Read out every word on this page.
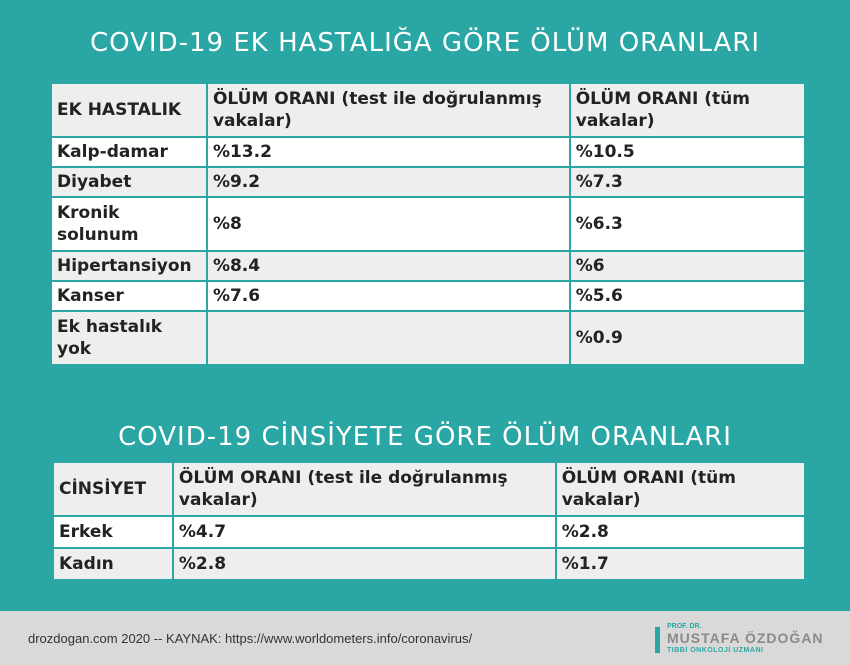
COVID-19 EK HASTALIĞA GÖRE ÖLÜM ORANLARI
EK HASTALIK	ÖLÜM ORANI (test ile doğrulanmış vakalar)	ÖLÜM ORANI (tüm vakalar)
Kalp-damar	%13.2	%10.5
Diyabet	%9.2	%7.3
Kronik solunum	%8	%6.3
Hipertansiyon	%8.4	%6
Kanser	%7.6	%5.6
Ek hastalık yok		%0.9
COVID-19 CİNSİYETE GÖRE ÖLÜM ORANLARI
CİNSİYET	ÖLÜM ORANI (test ile doğrulanmış vakalar)	ÖLÜM ORANI (tüm vakalar)
Erkek	%4.7	%2.8
Kadın	%2.8	%1.7
drozdogan.com 2020 -- KAYNAK: https://www.worldometers.info/coronavirus/
PROF. DR.
MUSTAFA ÖZDOĞAN
TIBBİ ONKOLOJİ UZMANI
